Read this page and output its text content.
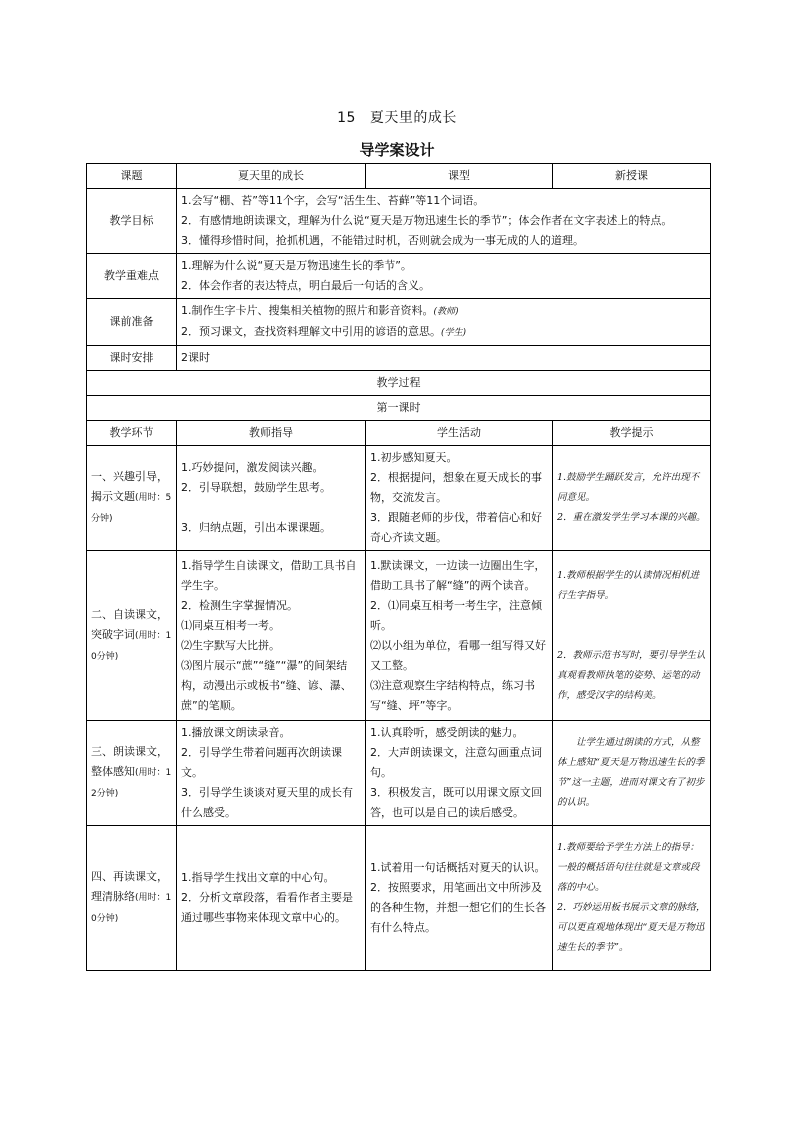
15 夏天里的成长
导学案设计
课题	夏天里的成长	课型	新授课
教学目标	1.会写“棚、苔”等11个字，会写“活生生、苔藓”等11个词语。
2．有感情地朗读课文，理解为什么说“夏天是万物迅速生长的季节”；体会作者在文字表述上的特点。
3．懂得珍惜时间，抢抓机遇，不能错过时机，否则就会成为一事无成的人的道理。		

教学重难点	1.理解为什么说“夏天是万物迅速生长的季节”。
2．体会作者的表达特点，明白最后一句话的含义。		

课前准备	1.制作生字卡片、搜集相关植物的照片和影音资料。(教师)
2．预习课文，查找资料理解文中引用的谚语的意思。(学生)		

课时安排	2课时		
教学过程			
第一课时			
教学环节	教师指导	学生活动	教学提示
一、兴趣引导，揭示文题(用时：5分钟)	1.巧妙提问，激发阅读兴趣。
2．引导联想，鼓励学生思考。
3．归纳点题，引出本课课题。	1.初步感知夏天。
2．根据提问，想象在夏天成长的事物，交流发言。
3．跟随老师的步伐，带着信心和好奇心齐读文题。	1.鼓励学生踊跃发言，允许出现不同意见。
2．重在激发学生学习本课的兴趣。

二、自读课文，突破字词(用时：10分钟)	1.指导学生自读课文，借助工具书自学生字。
2．检测生字掌握情况。
⑴同桌互相考一考。
⑵生字默写大比拼。
⑶图片展示“蔗”“缝”“瀑”的间架结构，动漫出示或板书“缝、谚、瀑、蔗”的笔顺。	1.默读课文，一边读一边圈出生字，借助工具书了解“缝”的两个读音。
2．⑴同桌互相考一考生字，注意倾听。
⑵以小组为单位，看哪一组写得又好又工整。
⑶注意观察生字结构特点，练习书写“缝、坪”等字。	1.教师根据学生的认读情况相机进行生字指导。
2．教师示范书写时，要引导学生认真观看教师执笔的姿势、运笔的动作，感受汉字的结构美。

三、朗读课文，整体感知(用时：12分钟)	1.播放课文朗读录音。
2．引导学生带着问题再次朗读课文。
3．引导学生谈谈对夏天里的成长有什么感受。	1.认真聆听，感受朗读的魅力。
2．大声朗读课文，注意勾画重点词句。
3．积极发言，既可以用课文原文回答，也可以是自己的读后感受。	让学生通过朗读的方式，从整体上感知“夏天是万物迅速生长的季节”这一主题，进而对课文有了初步的认识。

四、再读课文，理清脉络(用时：10分钟)	1.指导学生找出文章的中心句。
2．分析文章段落，看看作者主要是通过哪些事物来体现文章中心的。	1.试着用一句话概括对夏天的认识。
2．按照要求，用笔画出文中所涉及的各种生物，并想一想它们的生长各有什么特点。	1.教师要给予学生方法上的指导：一般的概括语句往往就是文章或段落的中心。
2．巧妙运用板书展示文章的脉络，可以更直观地体现出“夏天是万物迅速生长的季节”。
